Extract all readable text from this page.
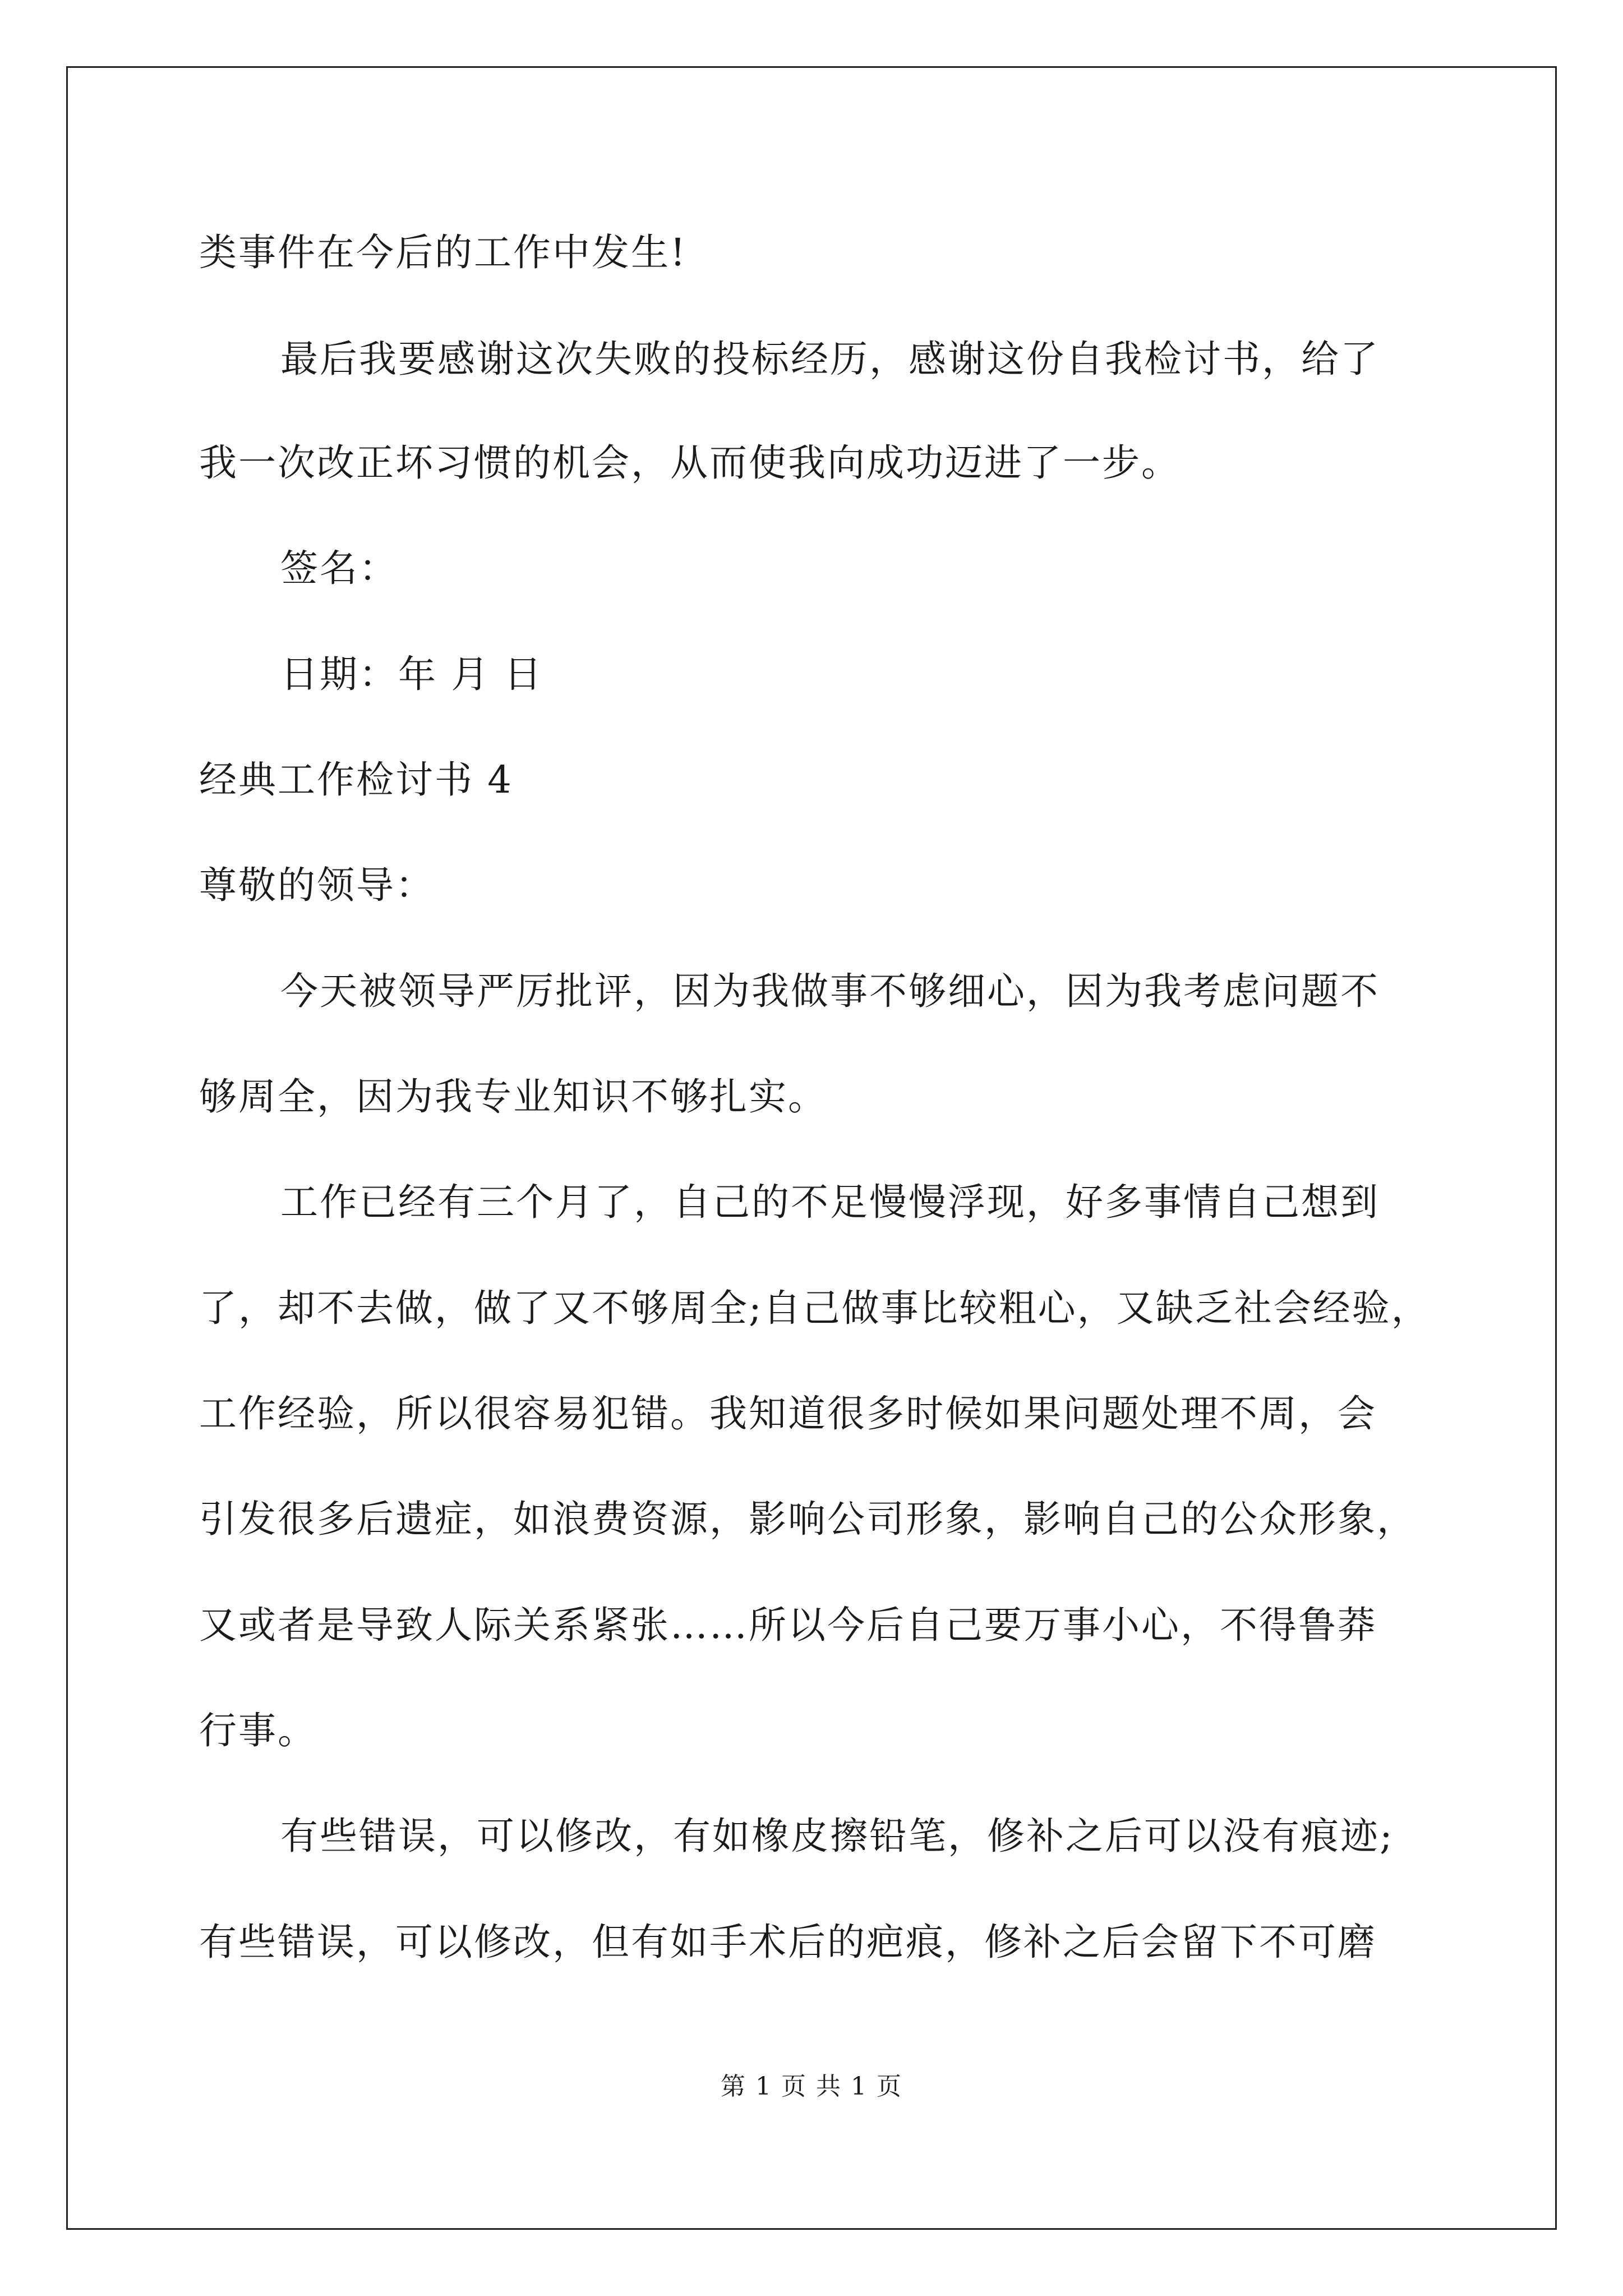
类事件在今后的工作中发生!
最后我要感谢这次失败的投标经历，感谢这份自我检讨书，给了
我一次改正坏习惯的机会，从而使我向成功迈进了一步。
签名：
日期：年 月 日
经典工作检讨书 4
尊敬的领导：
今天被领导严厉批评，因为我做事不够细心，因为我考虑问题不
够周全，因为我专业知识不够扎实。
工作已经有三个月了，自己的不足慢慢浮现，好多事情自己想到
了，却不去做，做了又不够周全;自己做事比较粗心，又缺乏社会经验，
工作经验，所以很容易犯错。我知道很多时候如果问题处理不周，会
引发很多后遗症，如浪费资源，影响公司形象，影响自己的公众形象，
又或者是导致人际关系紧张……所以今后自己要万事小心，不得鲁莽
行事。
有些错误，可以修改，有如橡皮擦铅笔，修补之后可以没有痕迹;
有些错误，可以修改，但有如手术后的疤痕，修补之后会留下不可磨
第 1 页 共 1 页
